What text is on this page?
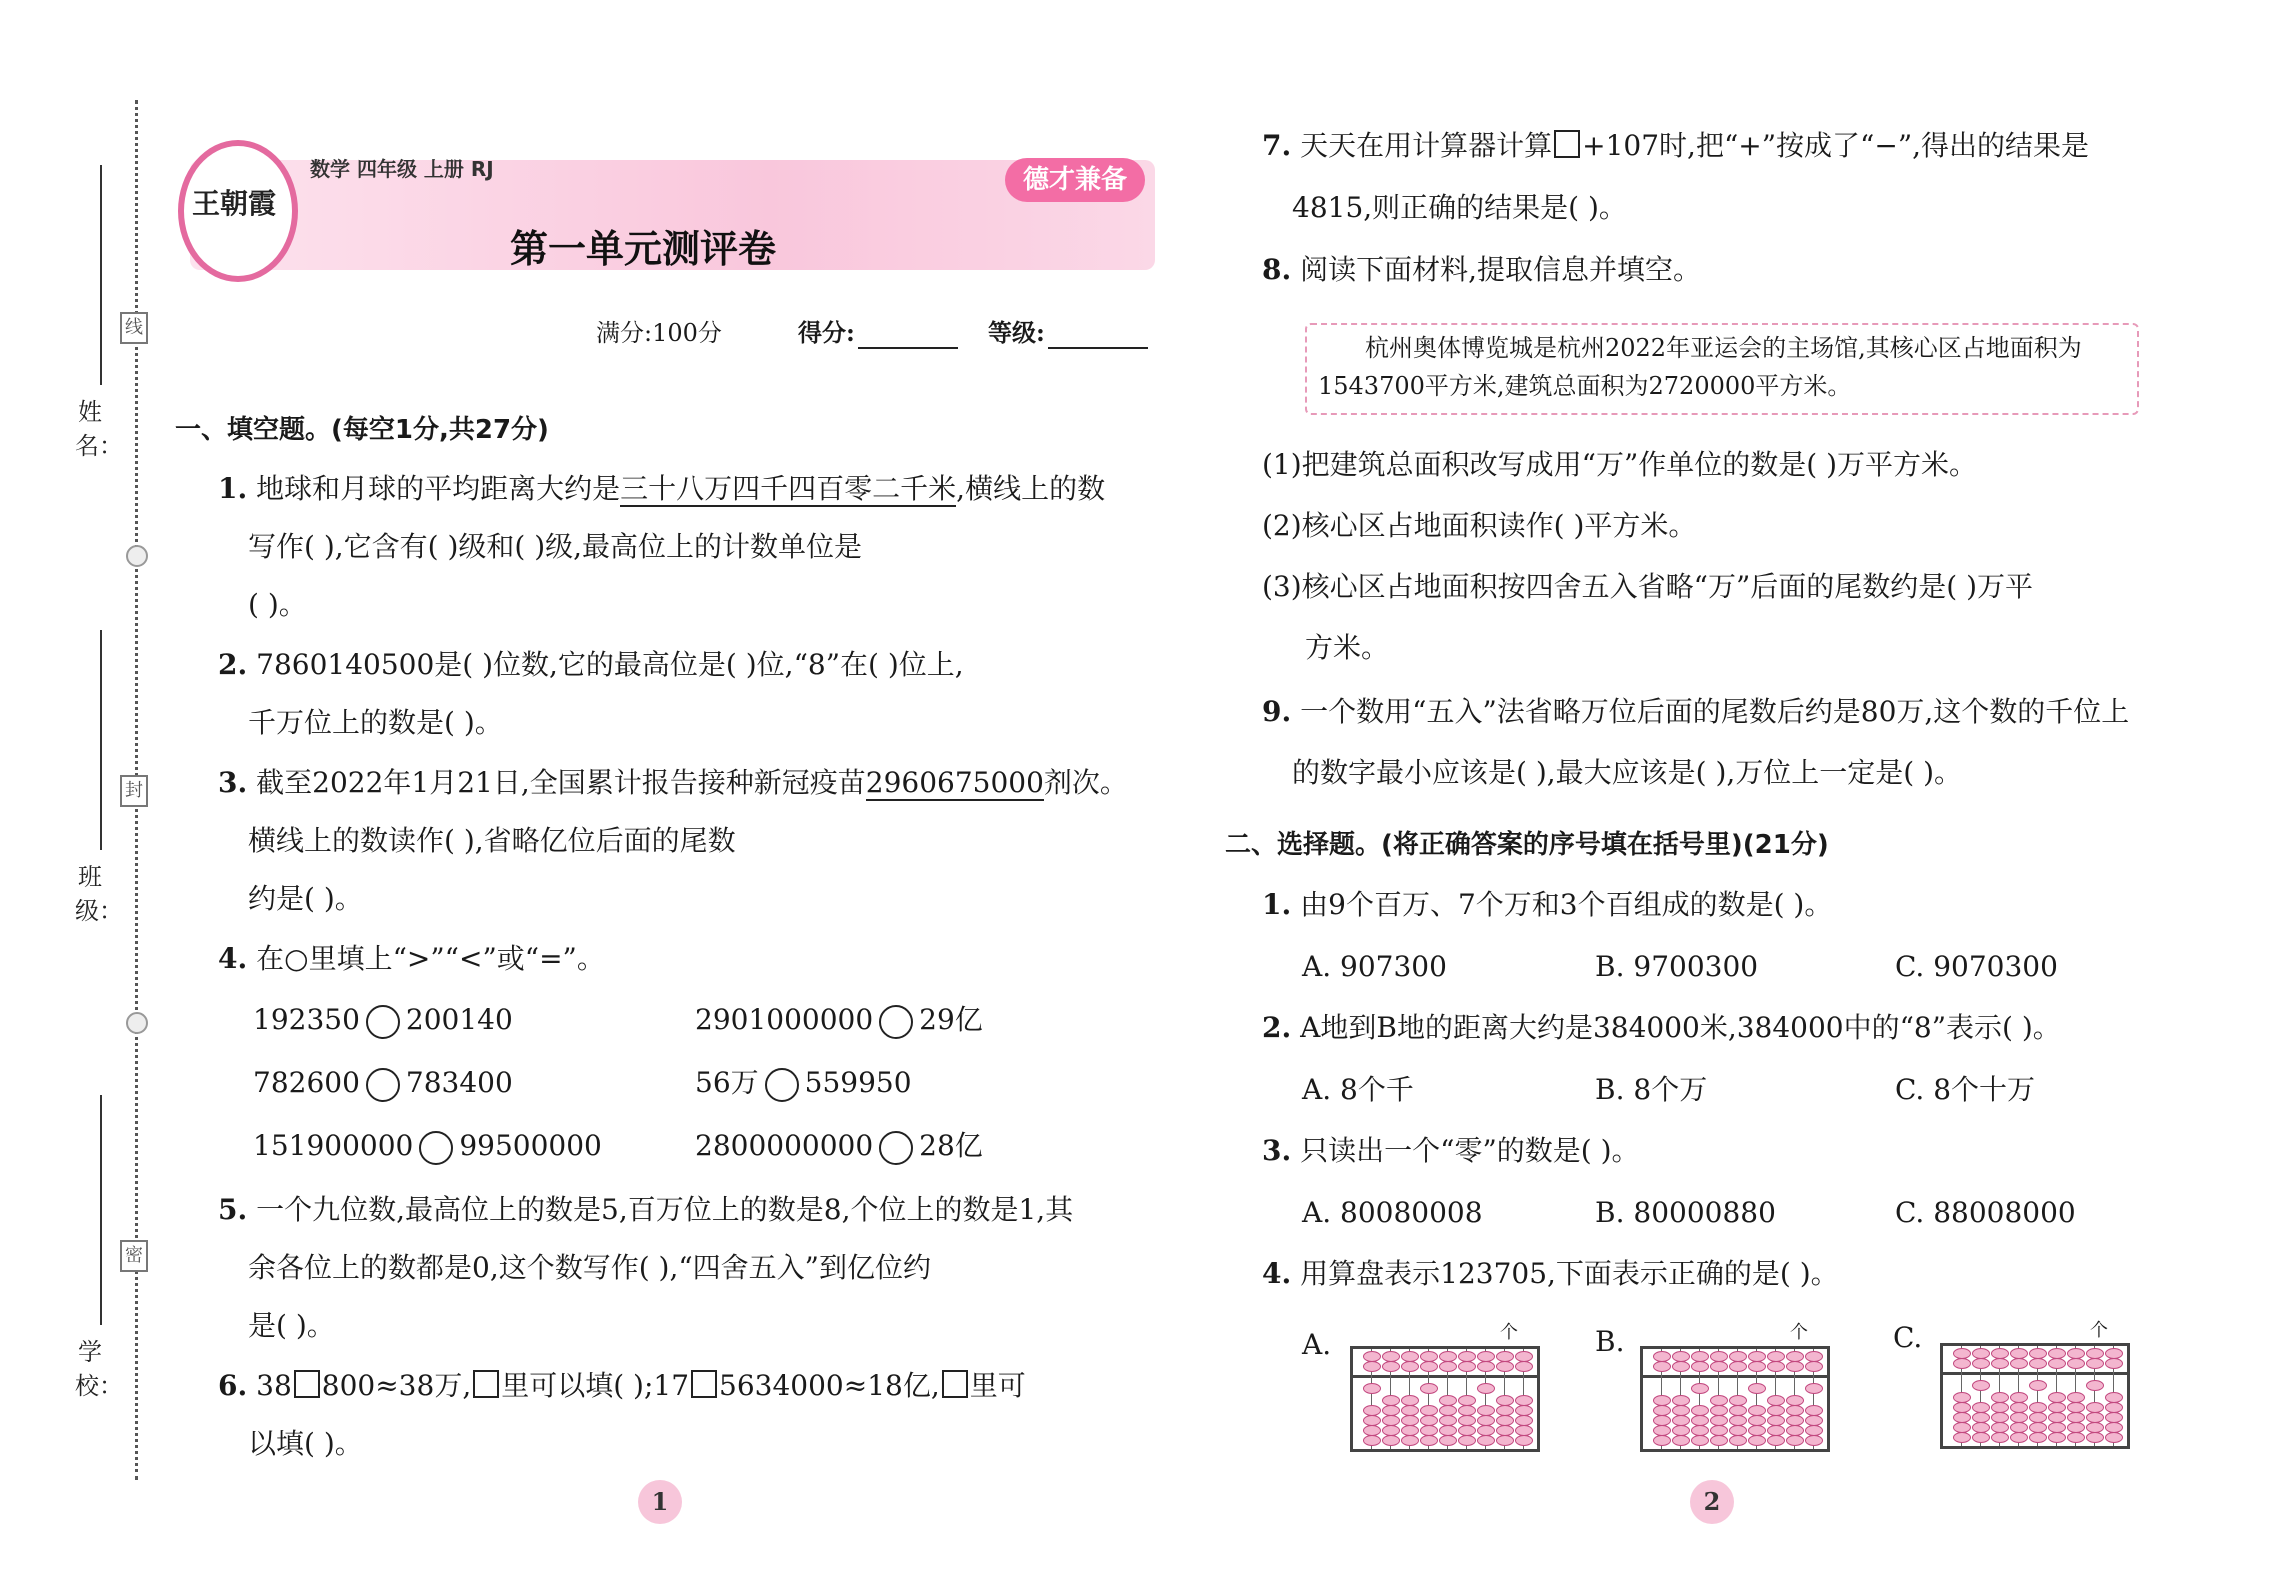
姓 名：
班 级：
学 校：
线
封
密
王朝霞
数学 四年级 上册 RJ	德才兼备
第一单元测评卷
满分:100分	得分:	等级:
一、填空题。(每空1分,共27分)
1. 地球和月球的平均距离大约是三十八万四千四百零二千米,横线上的数
写作( ),它含有( )级和( )级,最高位上的计数单位是
( )。
2. 7860140500是( )位数,它的最高位是( )位,“8”在( )位上,
千万位上的数是( )。
3. 截至2022年1月21日,全国累计报告接种新冠疫苗2960675000剂次。
横线上的数读作( ),省略亿位后面的尾数
约是( )。
4. 在○里填上“>”“<”或“=”。
192350 200140	2901000000 29亿
782600 783400	56万 559950
151900000 99500000	2800000000 28亿
5. 一个九位数,最高位上的数是5,百万位上的数是8,个位上的数是1,其
余各位上的数都是0,这个数写作( ),“四舍五入”到亿位约
是( )。
6. 38 800≈38万, 里可以填( );17 5634000≈18亿, 里可
以填( )。
1
7. 天天在用计算器计算 +107时,把“+”按成了“−”,得出的结果是
4815,则正确的结果是( )。
8. 阅读下面材料,提取信息并填空。
杭州奥体博览城是杭州2022年亚运会的主场馆,其核心区占地面积为
1543700平方米,建筑总面积为2720000平方米。
(1)把建筑总面积改写成用“万”作单位的数是( )万平方米。
(2)核心区占地面积读作( )平方米。
(3)核心区占地面积按四舍五入省略“万”后面的尾数约是( )万平
方米。
9. 一个数用“五入”法省略万位后面的尾数后约是80万,这个数的千位上
的数字最小应该是( ),最大应该是( ),万位上一定是( )。
二、选择题。(将正确答案的序号填在括号里)(21分)
1. 由9个百万、7个万和3个百组成的数是( )。
A. 907300	B. 9700300	C. 9070300
2. A地到B地的距离大约是384000米,384000中的“8”表示( )。
A. 8个千	B. 8个万	C. 8个十万
3. 只读出一个“零”的数是( )。
A. 80080008	B. 80000880	C. 88008000
4. 用算盘表示123705,下面表示正确的是( )。
A.	B.	C.
个	个	个
2
